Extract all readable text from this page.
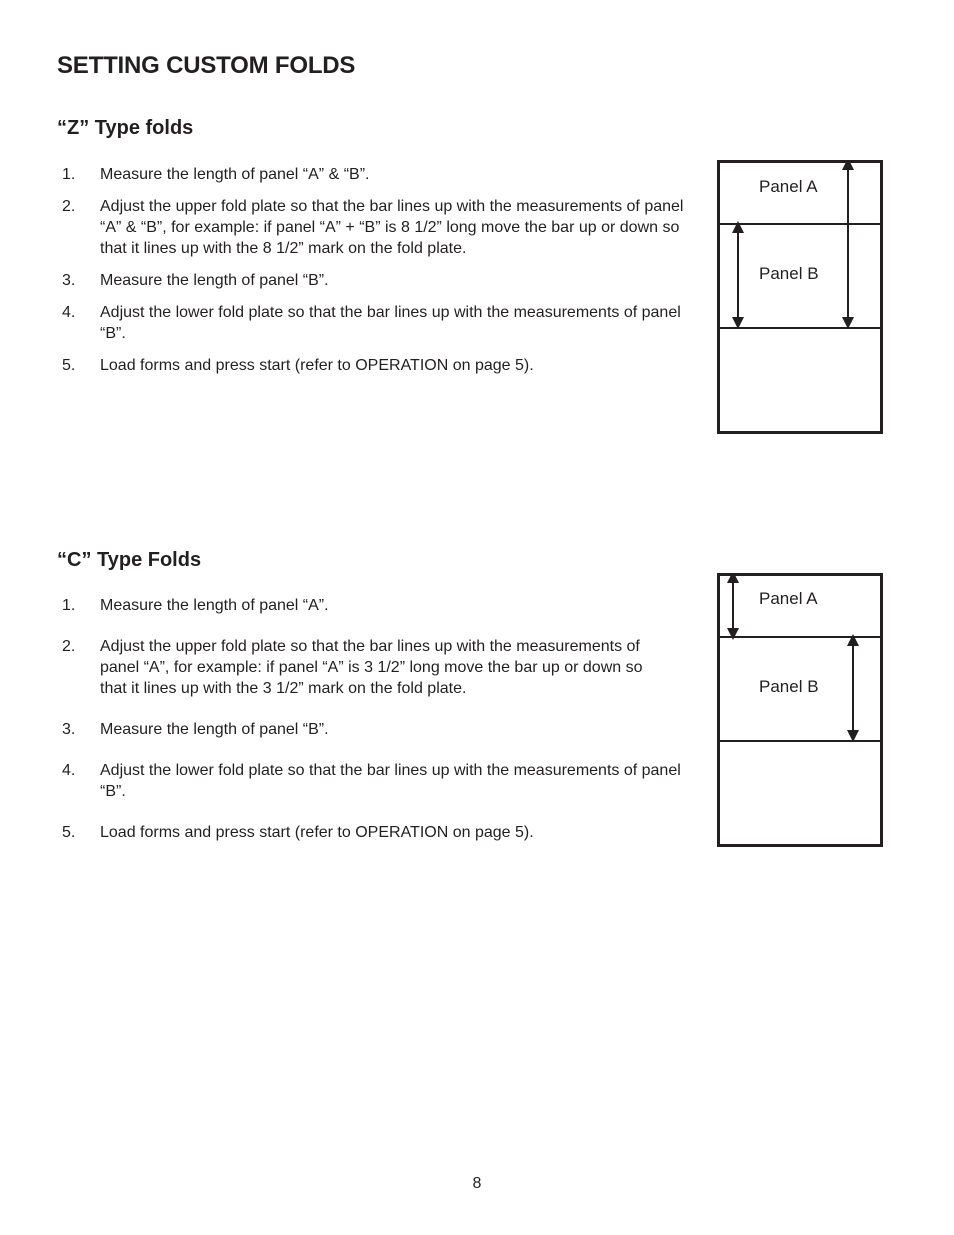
SETTING CUSTOM FOLDS
“Z” Type folds
1. Measure the length of panel “A” & “B”.
2. Adjust the upper fold plate so that the bar lines up with the measurements of panel “A” & “B”, for example: if panel “A” + “B” is 8 1/2” long move the bar up or down so that it lines up with the 8 1/2” mark on the fold plate.
3. Measure the length of panel “B”.
4. Adjust the lower fold plate so that the bar lines up with the measurements of panel “B”.
5. Load forms and press start (refer to OPERATION on page 5).
Panel A
Panel B
“C” Type Folds
1. Measure the length of panel “A”.
2. Adjust the upper fold plate so that the bar lines up with the measurements of panel “A”, for example: if panel “A” is 3 1/2” long move the bar up or down so that it lines up with the 3 1/2” mark on the fold plate.
3. Measure the length of panel “B”.
4. Adjust the lower fold plate so that the bar lines up with the measurements of panel “B”.
5. Load forms and press start (refer to OPERATION on page 5).
Panel A
Panel B
8
